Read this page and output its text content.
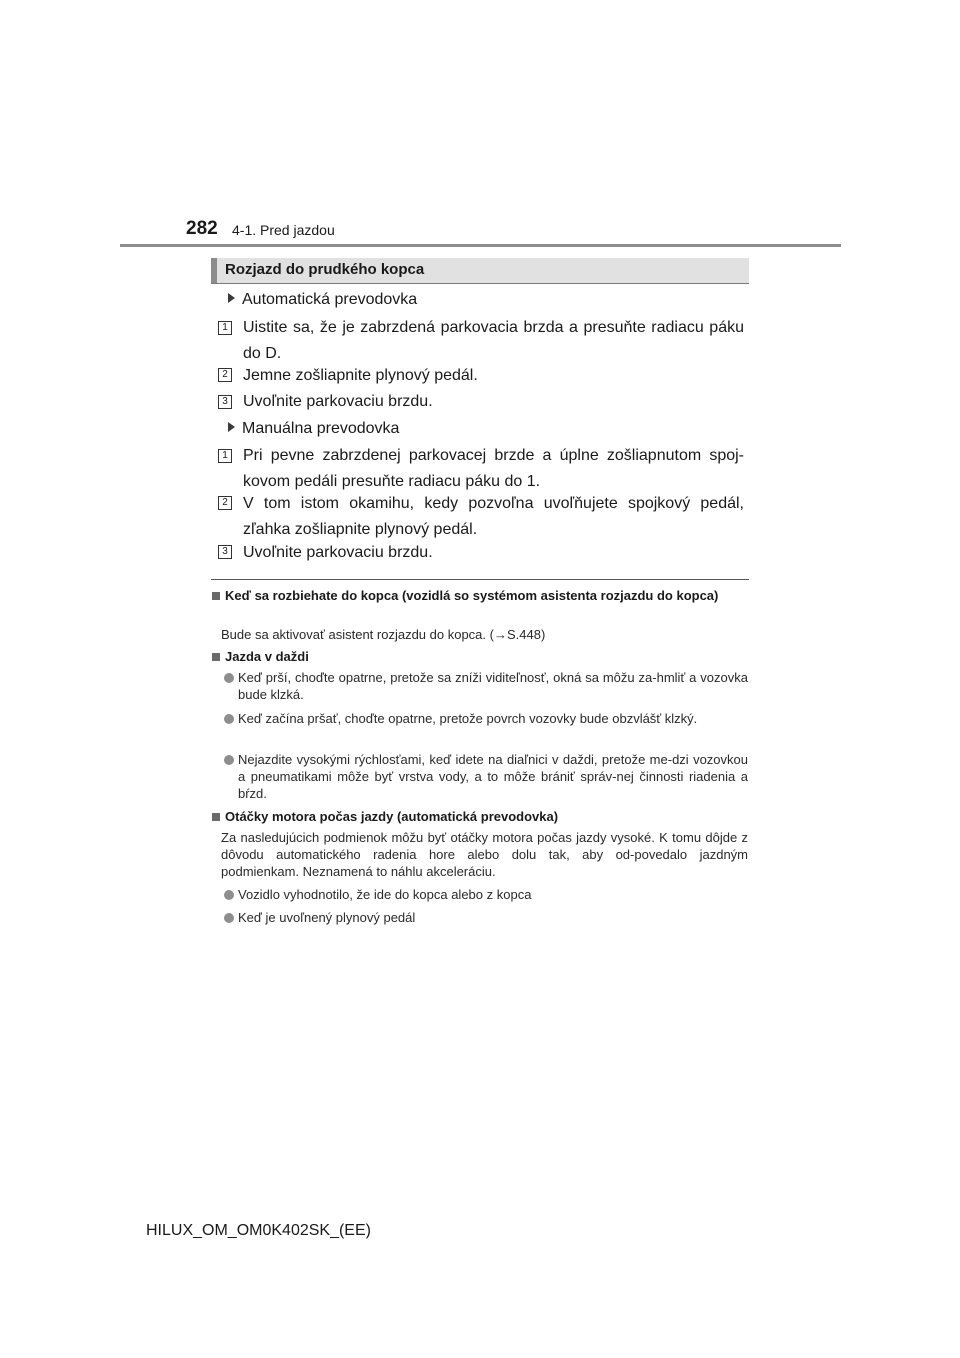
282 4-1. Pred jazdou
Rozjazd do prudkého kopca
Automatická prevodovka
1 Uistite sa, že je zabrzdená parkovacia brzda a presuňte radiacu páku do D.
2 Jemne zošliapnite plynový pedál.
3 Uvoľnite parkovaciu brzdu.
Manuálna prevodovka
1 Pri pevne zabrzdenej parkovacej brzde a úplne zošliapnutom spoj-kovom pedáli presuňte radiacu páku do 1.
2 V tom istom okamihu, kedy pozvoľna uvoľňujete spojkový pedál, zľahka zošliapnite plynový pedál.
3 Uvoľnite parkovaciu brzdu.
Keď sa rozbiehate do kopca (vozidlá so systémom asistenta rozjazdu do kopca)
Bude sa aktivovať asistent rozjazdu do kopca. (→S.448)
Jazda v daždi
Keď prší, choďte opatrne, pretože sa zníži viditeľnosť, okná sa môžu za-hmliť a vozovka bude klzká.
Keď začína pršať, choďte opatrne, pretože povrch vozovky bude obzvlášť klzký.
Nejazdite vysokými rýchlosťami, keď idete na diaľnici v daždi, pretože me-dzi vozovkou a pneumatikami môže byť vrstva vody, a to môže brániť správ-nej činnosti riadenia a bŕzd.
Otáčky motora počas jazdy (automatická prevodovka)
Za nasledujúcich podmienok môžu byť otáčky motora počas jazdy vysoké. K tomu dôjde z dôvodu automatického radenia hore alebo dolu tak, aby od-povedalo jazdným podmienkam. Neznamená to náhlu akceleráciu.
Vozidlo vyhodnotilo, že ide do kopca alebo z kopca
Keď je uvoľnený plynový pedál
HILUX_OM_OM0K402SK_(EE)
